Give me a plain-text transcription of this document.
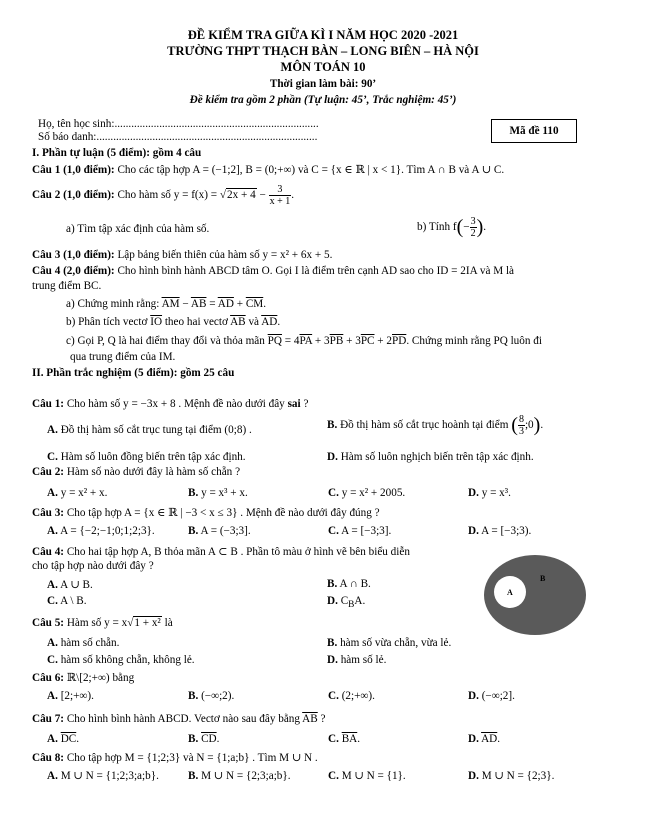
ĐỀ KIỂM TRA GIỮA KÌ I NĂM HỌC 2020 -2021
TRƯỜNG THPT THẠCH BÀN – LONG BIÊN – HÀ NỘI
MÔN TOÁN 10
Thời gian làm bài: 90’
Đề kiểm tra gồm 2 phần (Tự luận: 45’, Trắc nghiệm: 45’)
Họ, tên học sinh:.........................................................................
Số báo danh:...............................................................................	Mã đề 110
I. Phần tự luận (5 điểm): gồm 4 câu
Câu 1 (1,0 điểm): Cho các tập hợp A = (−1;2], B = (0;+∞) và C = {x ∈ ℝ | x < 1}. Tìm A ∩ B và A ∪ C.
Câu 2 (1,0 điểm): Cho hàm số $y = f(x) = √2x + 4 - \frac{3}{x + 1}$ .
a) Tìm tập xác định của hàm số.	b) Tính $f(- \frac{3}{2}$ ).
Câu 3 (1,0 điểm): Lập bảng biến thiên của hàm số y = x² + 6x + 5.
Câu 4 (2,0 điểm): Cho hình bình hành ABCD tâm O. Gọi I là điểm trên cạnh AD sao cho ID = 2IA và M là
trung điểm BC.
a) Chứng minh rằng: $\overline{AM} - \overline{AB} = \overline{AD} + \overline{CM}$.
b) Phân tích vectơ $\overline{IO}$ theo hai vectơ $\overline{AB}$ và $\overline{AD}$.
c) Gọi P, Q là hai điểm thay đổi và thỏa mãn $\overline{PQ} = 4\overline{PA} + 3\overline{PB} + 3\overline{PC} + 2\overline{PD}$. Chứng minh rằng PQ luôn đi
qua trung điểm của IM.
II. Phần trắc nghiệm (5 điểm): gồm 25 câu
Câu 1: Cho hàm số y = −3x + 8 . Mệnh đề nào dưới đây sai ?
A. Đồ thị hàm số cắt trục tung tại điểm (0;8) .	B. Đồ thị hàm số cắt trục hoành tại điểm ( $\frac{8}{3}$ ;0).
C. Hàm số luôn đồng biến trên tập xác định.	D. Hàm số luôn nghịch biến trên tập xác định.
Câu 2: Hàm số nào dưới đây là hàm số chẵn ?
A. y = x² + x.	B. y = x³ + x.	C. y = x² + 2005.	D. y = x³.
Câu 3: Cho tập hợp A = {x ∈ ℝ | −3 < x ≤ 3} . Mệnh đề nào dưới đây đúng ?
A. A = {−2;−1;0;1;2;3}.	B. A = (−3;3].	C. A = [−3;3].	D. A = [−3;3).
Câu 4: Cho hai tập hợp A, B thỏa mãn A ⊂ B . Phần tô màu ở hình vẽ bên biểu diễn
cho tập hợp nào dưới đây ?
A. A ∪ B.	B. A ∩ B.
C. A \ B.	D. $C_BA$.
A
B
Câu 5: Hàm số y = x√1 + x² là
A. hàm số chẵn.	B. hàm số vừa chẵn, vừa lẻ.
C. hàm số không chẵn, không lẻ.	D. hàm số lẻ.
Câu 6: ℝ\[2;+∞) bằng
A. [2;+∞).	B. (−∞;2).	C. (2;+∞).	D. (−∞;2].
Câu 7: Cho hình bình hành ABCD. Vectơ nào sau đây bằng $\overline{AB}$ ?
A. $\overline{DC}$.	B. $\overline{CD}$.	C. $\overline{BA}$.	D. $\overline{AD}$.
Câu 8: Cho tập hợp M = {1;2;3} và N = {1;a;b} . Tìm M ∪ N .
A. M ∪ N = {1;2;3;a;b}.	B. M ∪ N = {2;3;a;b}.	C. M ∪ N = {1}.	D. M ∪ N = {2;3}.
